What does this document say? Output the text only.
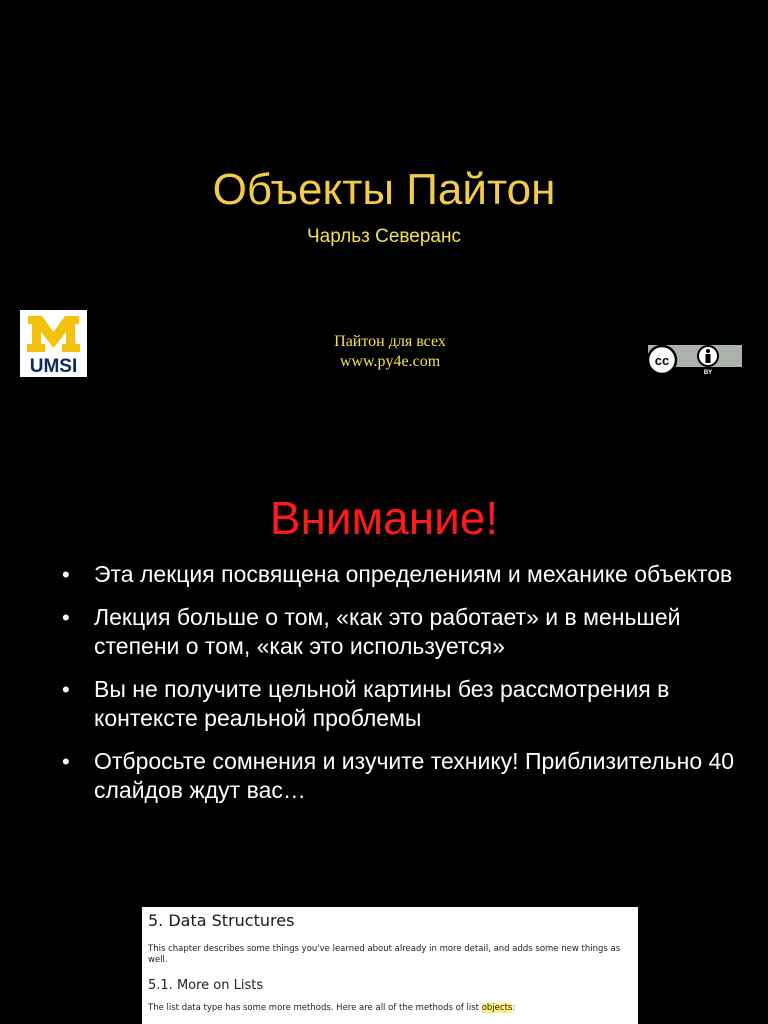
Объекты Пайтон
Чарльз Северанс
UMSI
Пайтон для всех
www.py4e.com	cc
BY
Внимание!
• Эта лекция посвящена определениям и механике объектов
• Лекция больше о том, «как это работает» и в меньшей степени о том, «как это используется»
• Вы не получите цельной картины без рассмотрения в контексте реальной проблемы
• Отбросьте сомнения и изучите технику! Приблизительно 40 слайдов ждут вас…
5. Data Structures
This chapter describes some things you've learned about already in more detail, and adds some new things as well.
5.1. More on Lists
The list data type has some more methods. Here are all of the methods of list objects:
